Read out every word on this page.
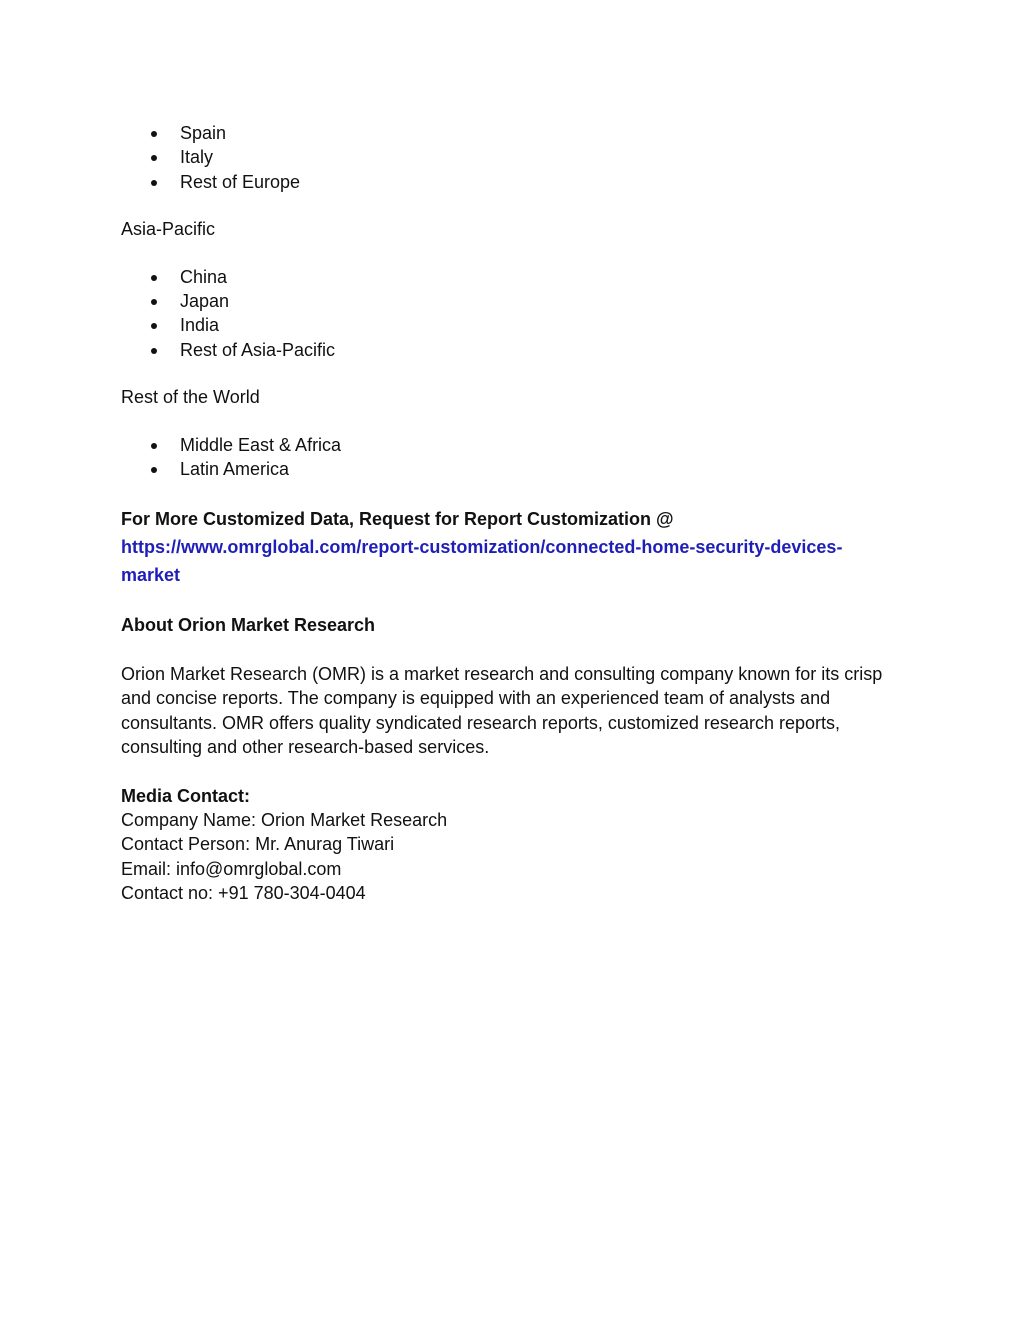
Spain
Italy
Rest of Europe
Asia-Pacific
China
Japan
India
Rest of Asia-Pacific
Rest of the World
Middle East & Africa
Latin America
For More Customized Data, Request for Report Customization @
https://www.omrglobal.com/report-customization/connected-home-security-devices-
market
About Orion Market Research
Orion Market Research (OMR) is a market research and consulting company known for its crisp and concise reports. The company is equipped with an experienced team of analysts and consultants. OMR offers quality syndicated research reports, customized research reports, consulting and other research-based services.
Media Contact:
Company Name: Orion Market Research
Contact Person: Mr. Anurag Tiwari
Email: info@omrglobal.com
Contact no: +91 780-304-0404
